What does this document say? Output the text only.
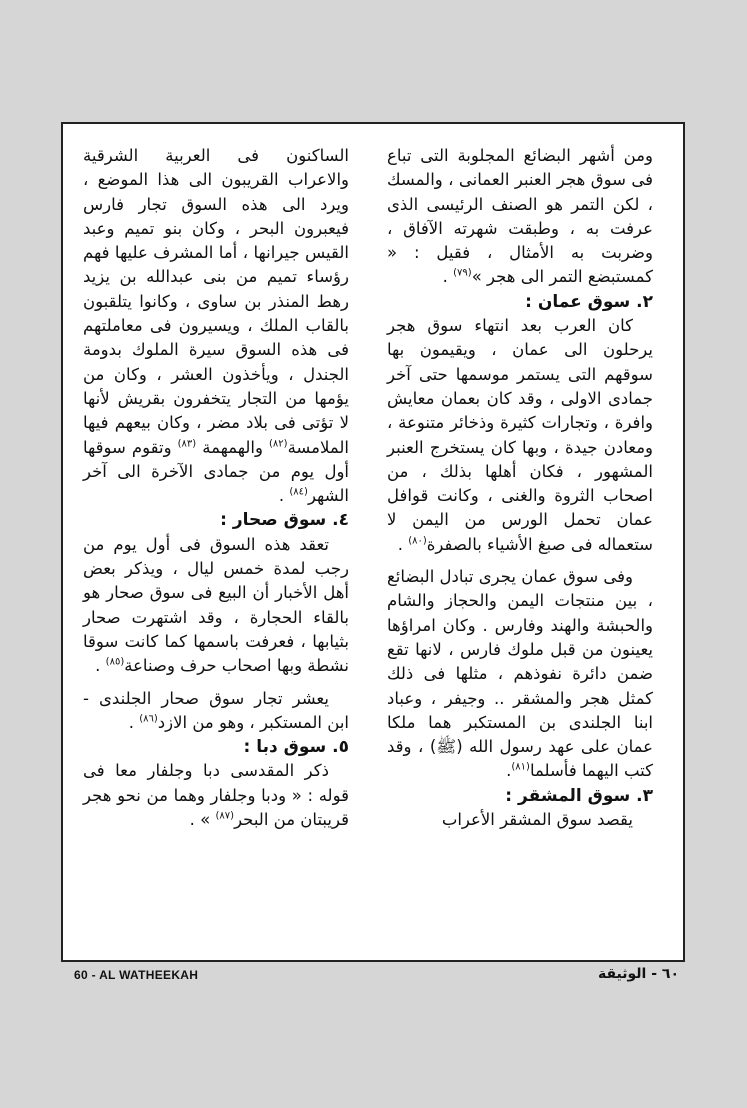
ومن أشهر البضائع المجلوبة التى تباع فى سوق هجر العنبر العمانى ، والمسك ، لكن التمر هو الصنف الرئيسى الذى عرفت به ، وطبقت شهرته الآفاق ، وضربت به الأمثال ، فقيل : « كمستبضع التمر الى هجر »$^{(٧٩)}$ .

٢. سوق عمان :

كان العرب بعد انتهاء سوق هجر يرحلون الى عمان ، ويقيمون بها سوقهم التى يستمر موسمها حتى آخر جمادى الاولى ، وقد كان بعمان معايش وافرة ، وتجارات كثيرة وذخائر متنوعة ، ومعادن جيدة ، وبها كان يستخرج العنبر المشهور ، فكان أهلها بذلك ، من اصحاب الثروة والغنى ، وكانت قوافل عمان تحمل الورس من اليمن لا ستعماله فى صبغ الأشياء بالصفرة$^{(٨٠)}$ .

وفى سوق عمان يجرى تبادل البضائع ، بين منتجات اليمن والحجاز والشام والحبشة والهند وفارس . وكان امراؤها يعينون من قبل ملوك فارس ، لانها تقع ضمن دائرة نفوذهم ، مثلها فى ذلك كمثل هجر والمشقر .. وجيفر ، وعباد ابنا الجلندى بن المستكبر هما ملكا عمان على عهد رسول الله (ﷺ) ، وقد كتب اليهما فأسلما$^{(٨١)}$.

٣. سوق المشقر :

يقصد سوق المشقر الأعراب

الساكنون فى العربية الشرقية والاعراب القريبون الى هذا الموضع ، ويرد الى هذه السوق تجار فارس فيعبرون البحر ، وكان بنو تميم وعبد القيس جيرانها ، أما المشرف عليها فهم رؤساء تميم من بنى عبدالله بن يزيد رهط المنذر بن ساوى ، وكانوا يتلقبون بالقاب الملك ، ويسيرون فى معاملتهم فى هذه السوق سيرة الملوك بدومة الجندل ، ويأخذون العشر ، وكان من يؤمها من التجار يتخفرون بقريش لأنها لا تؤتى فى بلاد مضر ، وكان بيعهم فيها الملامسة$^{(٨٢)}$ والهمهمة $^{(٨٣)}$ وتقوم سوقها أول يوم من جمادى الآخرة الى آخر الشهر$^{(٨٤)}$ .

٤. سوق صحار :

تعقد هذه السوق فى أول يوم من رجب لمدة خمس ليال ، ويذكر بعض أهل الأخبار أن البيع فى سوق صحار هو بالقاء الحجارة ، وقد اشتهرت صحار بثيابها ، فعرفت باسمها كما كانت سوقا نشطة وبها اصحاب حرف وصناعة$^{(٨٥)}$ .

يعشر تجار سوق صحار الجلندى - ابن المستكبر ، وهو من الازد$^{(٨٦)}$ .

٥. سوق دبا :

ذكر المقدسى دبا وجلفار معا فى قوله : « ودبا وجلفار وهما من نحو هجر قريبتان من البحر$^{(٨٧)}$ » .

60 - AL WATHEEKAH	٦٠ - الوثيقة
